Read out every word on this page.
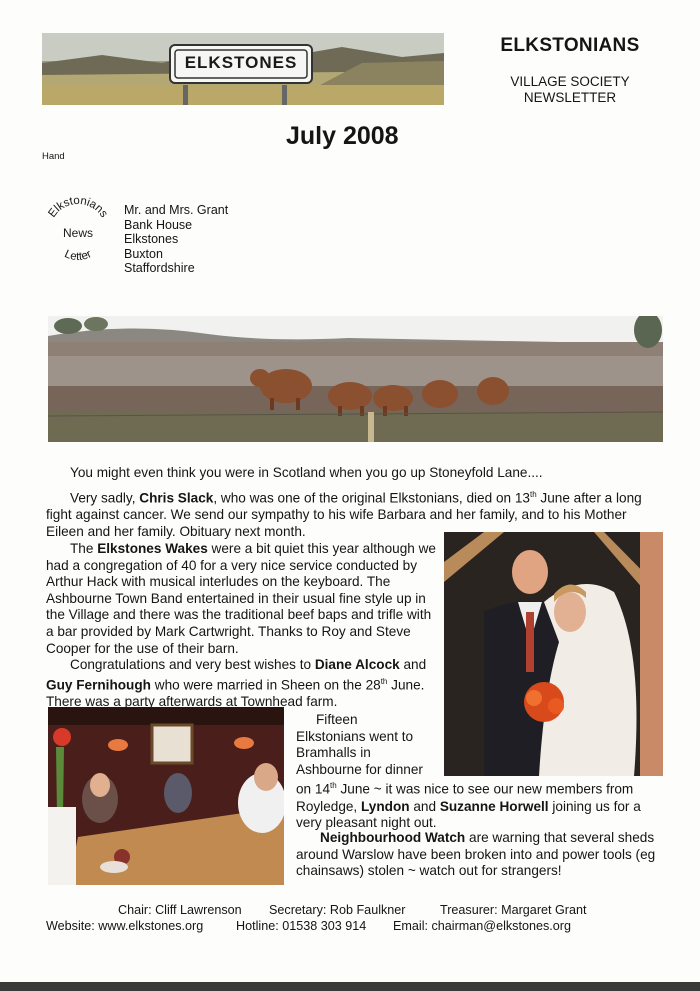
ELKSTONES
ELKSTONIANS
VILLAGE SOCIETY
NEWSLETTER
July 2008
Hand
Elkstonians
News
Letter
Mr. and Mrs. Grant
Bank House
Elkstones
Buxton
Staffordshire
You might even think you were in Scotland when you go up Stoneyfold Lane....

Very sadly, Chris Slack, who was one of the original Elkstonians, died on 13th June after a long fight against cancer. We send our sympathy to his wife Barbara and her family, and to his Mother Eileen and her family. Obituary next month.

The Elkstones Wakes were a bit quiet this year although we had a congregation of 40 for a very nice service conducted by Arthur Hack with musical interludes on the keyboard. The Ashbourne Town Band entertained in their usual fine style up in the Village and there was the traditional beef baps and trifle with a bar provided by Mark Cartwright. Thanks to Roy and Steve Cooper for the use of their barn.

Congratulations and very best wishes to Diane Alcock and Guy Fernihough who were married in Sheen on the 28th June. There was a party afterwards at Townhead farm.

Fifteen
Elkstonians went to
Bramhalls in
Ashbourne for dinner
on 14th June ~ it was nice to see our new members from
Royledge, Lyndon and Suzanne Horwell joining us for a
very pleasant night out.

Neighbourhood Watch are warning that several sheds around Warslow have been broken into and power tools (eg chainsaws) stolen ~ watch out for strangers!

Chair: Cliff Lawrenson Secretary: Rob Faulkner	Treasurer: Margaret Grant
Website: www.elkstones.org	Hotline: 01538 303 914 Email: chairman@elkstones.org
